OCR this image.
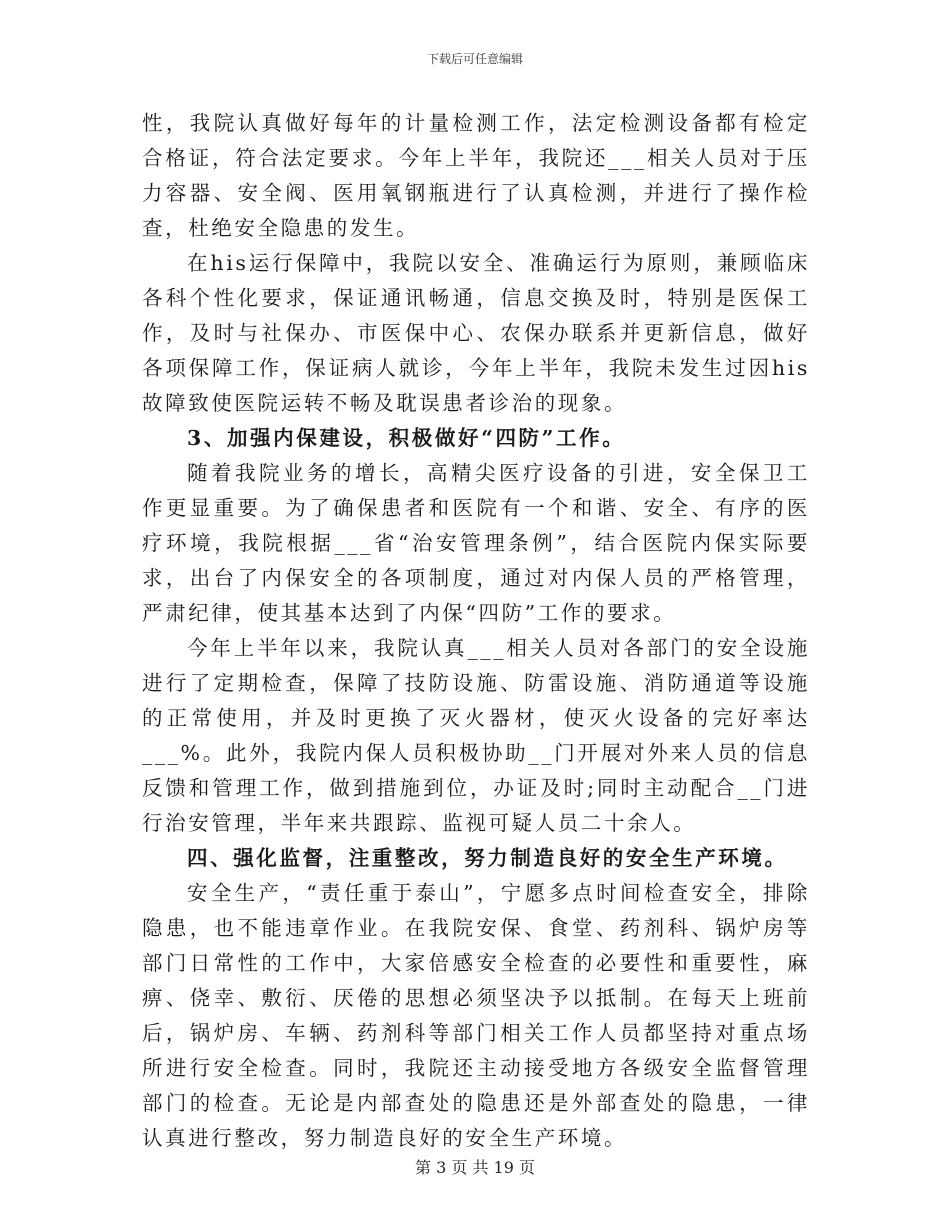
下载后可任意编辑

性，我院认真做好每年的计量检测工作，法定检测设备都有检定合格证，符合法定要求。今年上半年，我院还___相关人员对于压力容器、安全阀、医用氧钢瓶进行了认真检测，并进行了操作检查，杜绝安全隐患的发生。

在his运行保障中，我院以安全、准确运行为原则，兼顾临床各科个性化要求，保证通讯畅通，信息交换及时，特别是医保工作，及时与社保办、市医保中心、农保办联系并更新信息，做好各项保障工作，保证病人就诊，今年上半年，我院未发生过因his故障致使医院运转不畅及耽误患者诊治的现象。

3、加强内保建设，积极做好“四防”工作。

随着我院业务的增长，高精尖医疗设备的引进，安全保卫工作更显重要。为了确保患者和医院有一个和谐、安全、有序的医疗环境，我院根据___省“治安管理条例”，结合医院内保实际要求，出台了内保安全的各项制度，通过对内保人员的严格管理，严肃纪律，使其基本达到了内保“四防”工作的要求。

今年上半年以来，我院认真___相关人员对各部门的安全设施进行了定期检查，保障了技防设施、防雷设施、消防通道等设施的正常使用，并及时更换了灭火器材，使灭火设备的完好率达___%。此外，我院内保人员积极协助__门开展对外来人员的信息反馈和管理工作，做到措施到位，办证及时;同时主动配合__门进行治安管理，半年来共跟踪、监视可疑人员二十余人。

四、强化监督，注重整改，努力制造良好的安全生产环境。

安全生产，“责任重于泰山”，宁愿多点时间检查安全，排除隐患，也不能违章作业。在我院安保、食堂、药剂科、锅炉房等部门日常性的工作中，大家倍感安全检查的必要性和重要性，麻痹、侥幸、敷衍、厌倦的思想必须坚决予以抵制。在每天上班前后，锅炉房、车辆、药剂科等部门相关工作人员都坚持对重点场所进行安全检查。同时，我院还主动接受地方各级安全监督管理部门的检查。无论是内部查处的隐患还是外部查处的隐患，一律认真进行整改，努力制造良好的安全生产环境。

第 3 页 共 19 页
